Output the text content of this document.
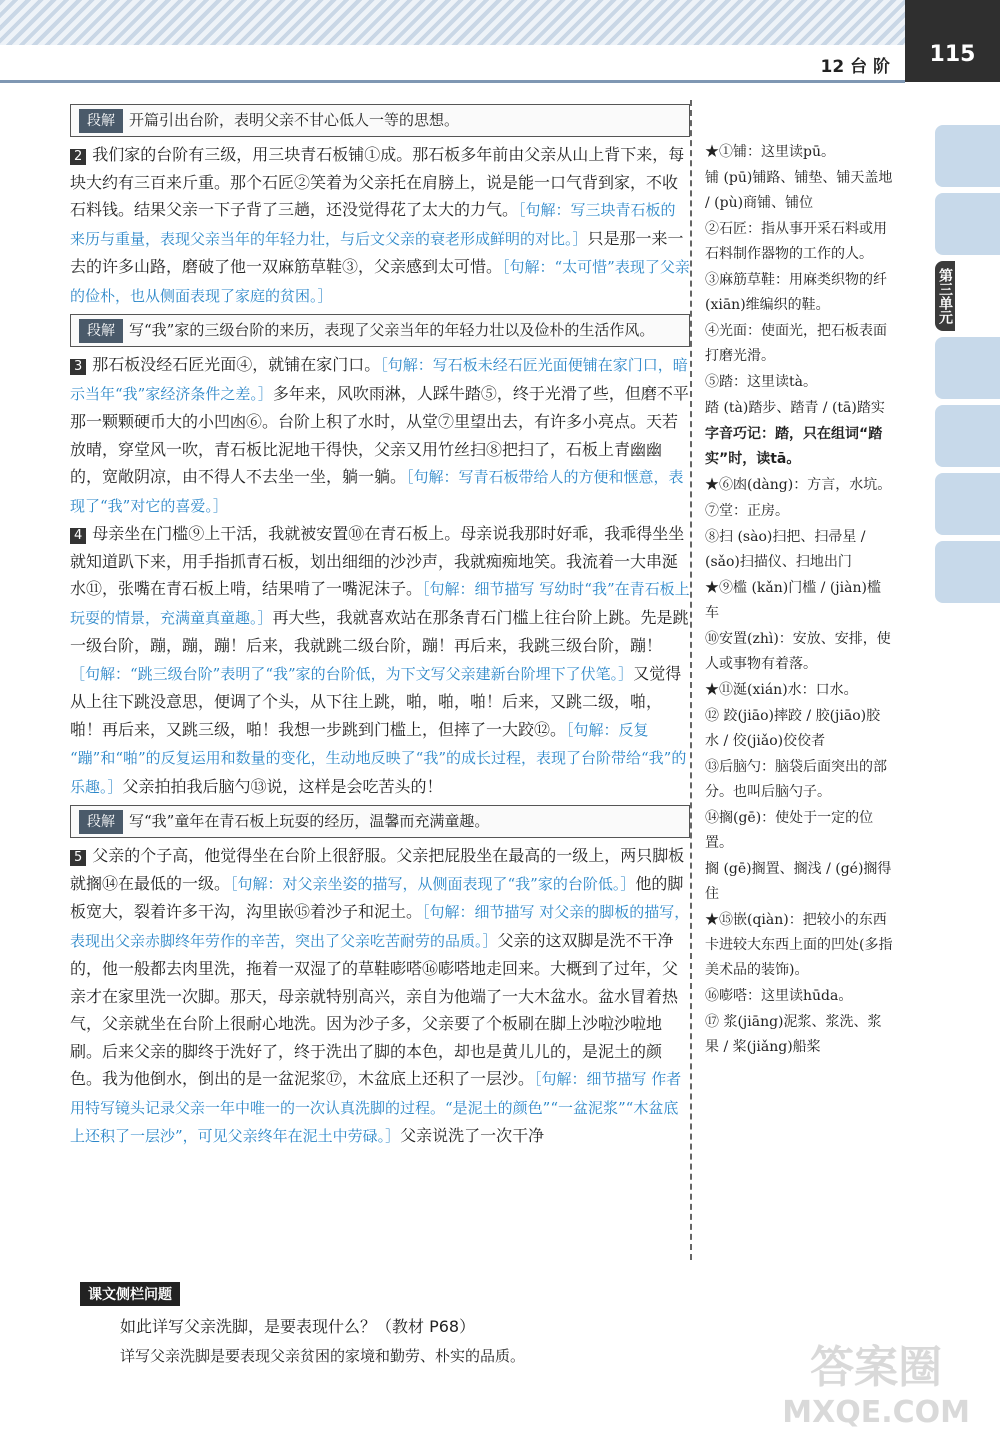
12 台 阶	115
第三单元
段解 开篇引出台阶，表明父亲不甘心低人一等的思想。

2 我们家的台阶有三级，用三块青石板铺①成。那石板多年前由父亲从山上背下来，每块大约有三百来斤重。那个石匠②笑着为父亲托在肩膀上，说是能一口气背到家，不收石料钱。结果父亲一下子背了三趟，还没觉得花了太大的力气。［句解：写三块青石板的来历与重量，表现父亲当年的年轻力壮，与后文父亲的衰老形成鲜明的对比。］只是那一来一去的许多山路，磨破了他一双麻筋草鞋③，父亲感到太可惜。［句解：“太可惜”表现了父亲的俭朴，也从侧面表现了家庭的贫困。］

段解 写“我”家的三级台阶的来历，表现了父亲当年的年轻力壮以及俭朴的生活作风。

3 那石板没经石匠光面④，就铺在家门口。［句解：写石板未经石匠光面便铺在家门口，暗示当年“我”家经济条件之差。］多年来，风吹雨淋，人踩牛踏⑤，终于光滑了些，但磨不平那一颗颗硬币大的小凹凼⑥。台阶上积了水时，从堂⑦里望出去，有许多小亮点。天若放晴，穿堂风一吹，青石板比泥地干得快，父亲又用竹丝扫⑧把扫了，石板上青幽幽的，宽敞阴凉，由不得人不去坐一坐，躺一躺。［句解：写青石板带给人的方便和惬意，表现了“我”对它的喜爱。］

4 母亲坐在门槛⑨上干活，我就被安置⑩在青石板上。母亲说我那时好乖，我乖得坐坐就知道趴下来，用手指抓青石板，划出细细的沙沙声，我就痴痴地笑。我流着一大串涎水⑪，张嘴在青石板上啃，结果啃了一嘴泥沫子。［句解：细节描写 写幼时“我”在青石板上玩耍的情景，充满童真童趣。］再大些，我就喜欢站在那条青石门槛上往台阶上跳。先是跳一级台阶，蹦，蹦，蹦！后来，我就跳二级台阶，蹦！再后来，我跳三级台阶，蹦！［句解：“跳三级台阶”表明了“我”家的台阶低，为下文写父亲建新台阶埋下了伏笔。］又觉得从上往下跳没意思，便调了个头，从下往上跳，啪，啪，啪！后来，又跳二级，啪，啪！再后来，又跳三级，啪！我想一步跳到门槛上，但摔了一大跤⑫。［句解：反复 “蹦”和“啪”的反复运用和数量的变化，生动地反映了“我”的成长过程，表现了台阶带给“我”的乐趣。］父亲拍拍我后脑勺⑬说，这样是会吃苦头的！

段解 写“我”童年在青石板上玩耍的经历，温馨而充满童趣。

5 父亲的个子高，他觉得坐在台阶上很舒服。父亲把屁股坐在最高的一级上，两只脚板就搁⑭在最低的一级。［句解：对父亲坐姿的描写，从侧面表现了“我”家的台阶低。］他的脚板宽大，裂着许多干沟，沟里嵌⑮着沙子和泥土。［句解：细节描写 对父亲的脚板的描写，表现出父亲赤脚终年劳作的辛苦，突出了父亲吃苦耐劳的品质。］父亲的这双脚是洗不干净的，他一般都去肉里洗，拖着一双湿了的草鞋嘭嗒⑯嘭嗒地走回来。大概到了过年，父亲才在家里洗一次脚。那天，母亲就特别高兴，亲自为他端了一大木盆水。盆水冒着热气，父亲就坐在台阶上很耐心地洗。因为沙子多，父亲要了个板刷在脚上沙啦沙啦地刷。后来父亲的脚终于洗好了，终于洗出了脚的本色，却也是黄儿儿的，是泥土的颜色。我为他倒水，倒出的是一盆泥浆⑰，木盆底上还积了一层沙。［句解：细节描写 作者用特写镜头记录父亲一年中唯一的一次认真洗脚的过程。“是泥土的颜色”“一盆泥浆”“木盆底上还积了一层沙”，可见父亲终年在泥土中劳碌。］父亲说洗了一次干净

★①铺：这里读pū。
铺 (pū)铺路、铺垫、铺天盖地 / (pù)商铺、铺位
②石匠：指从事开采石料或用石料制作器物的工作的人。
③麻筋草鞋：用麻类织物的纤(xiān)维编织的鞋。
④光面：使面光，把石板表面打磨光滑。
⑤踏：这里读tà。
踏 (tà)踏步、踏青 / (tā)踏实
字音巧记：踏，只在组词“踏实”时，读tā。
★⑥凼(dàng)：方言，水坑。
⑦堂：正房。
⑧扫 (sào)扫把、扫帚星 / (sǎo)扫描仪、扫地出门
★⑨槛 (kǎn)门槛 / (jiàn)槛车
⑩安置(zhì)：安放、安排，使人或事物有着落。
★⑪涎(xián)水：口水。
⑫ 跤(jiāo)摔跤 / 胶(jiāo)胶水 / 佼(jiǎo)佼佼者
⑬后脑勺：脑袋后面突出的部分。也叫后脑勺子。
⑭搁(gē)：使处于一定的位置。
搁 (gē)搁置、搁浅 / (gé)搁得住
★⑮嵌(qiàn)：把较小的东西卡进较大东西上面的凹处(多指美术品的装饰)。
⑯嘭嗒：这里读hūda。
⑰ 浆(jiāng)泥浆、浆洗、浆果 / 桨(jiǎng)船桨
课文侧栏问题
如此详写父亲洗脚，是要表现什么？（教材 P68）
详写父亲洗脚是要表现父亲贫困的家境和勤劳、朴实的品质。	答案圈
MXQE.COM
